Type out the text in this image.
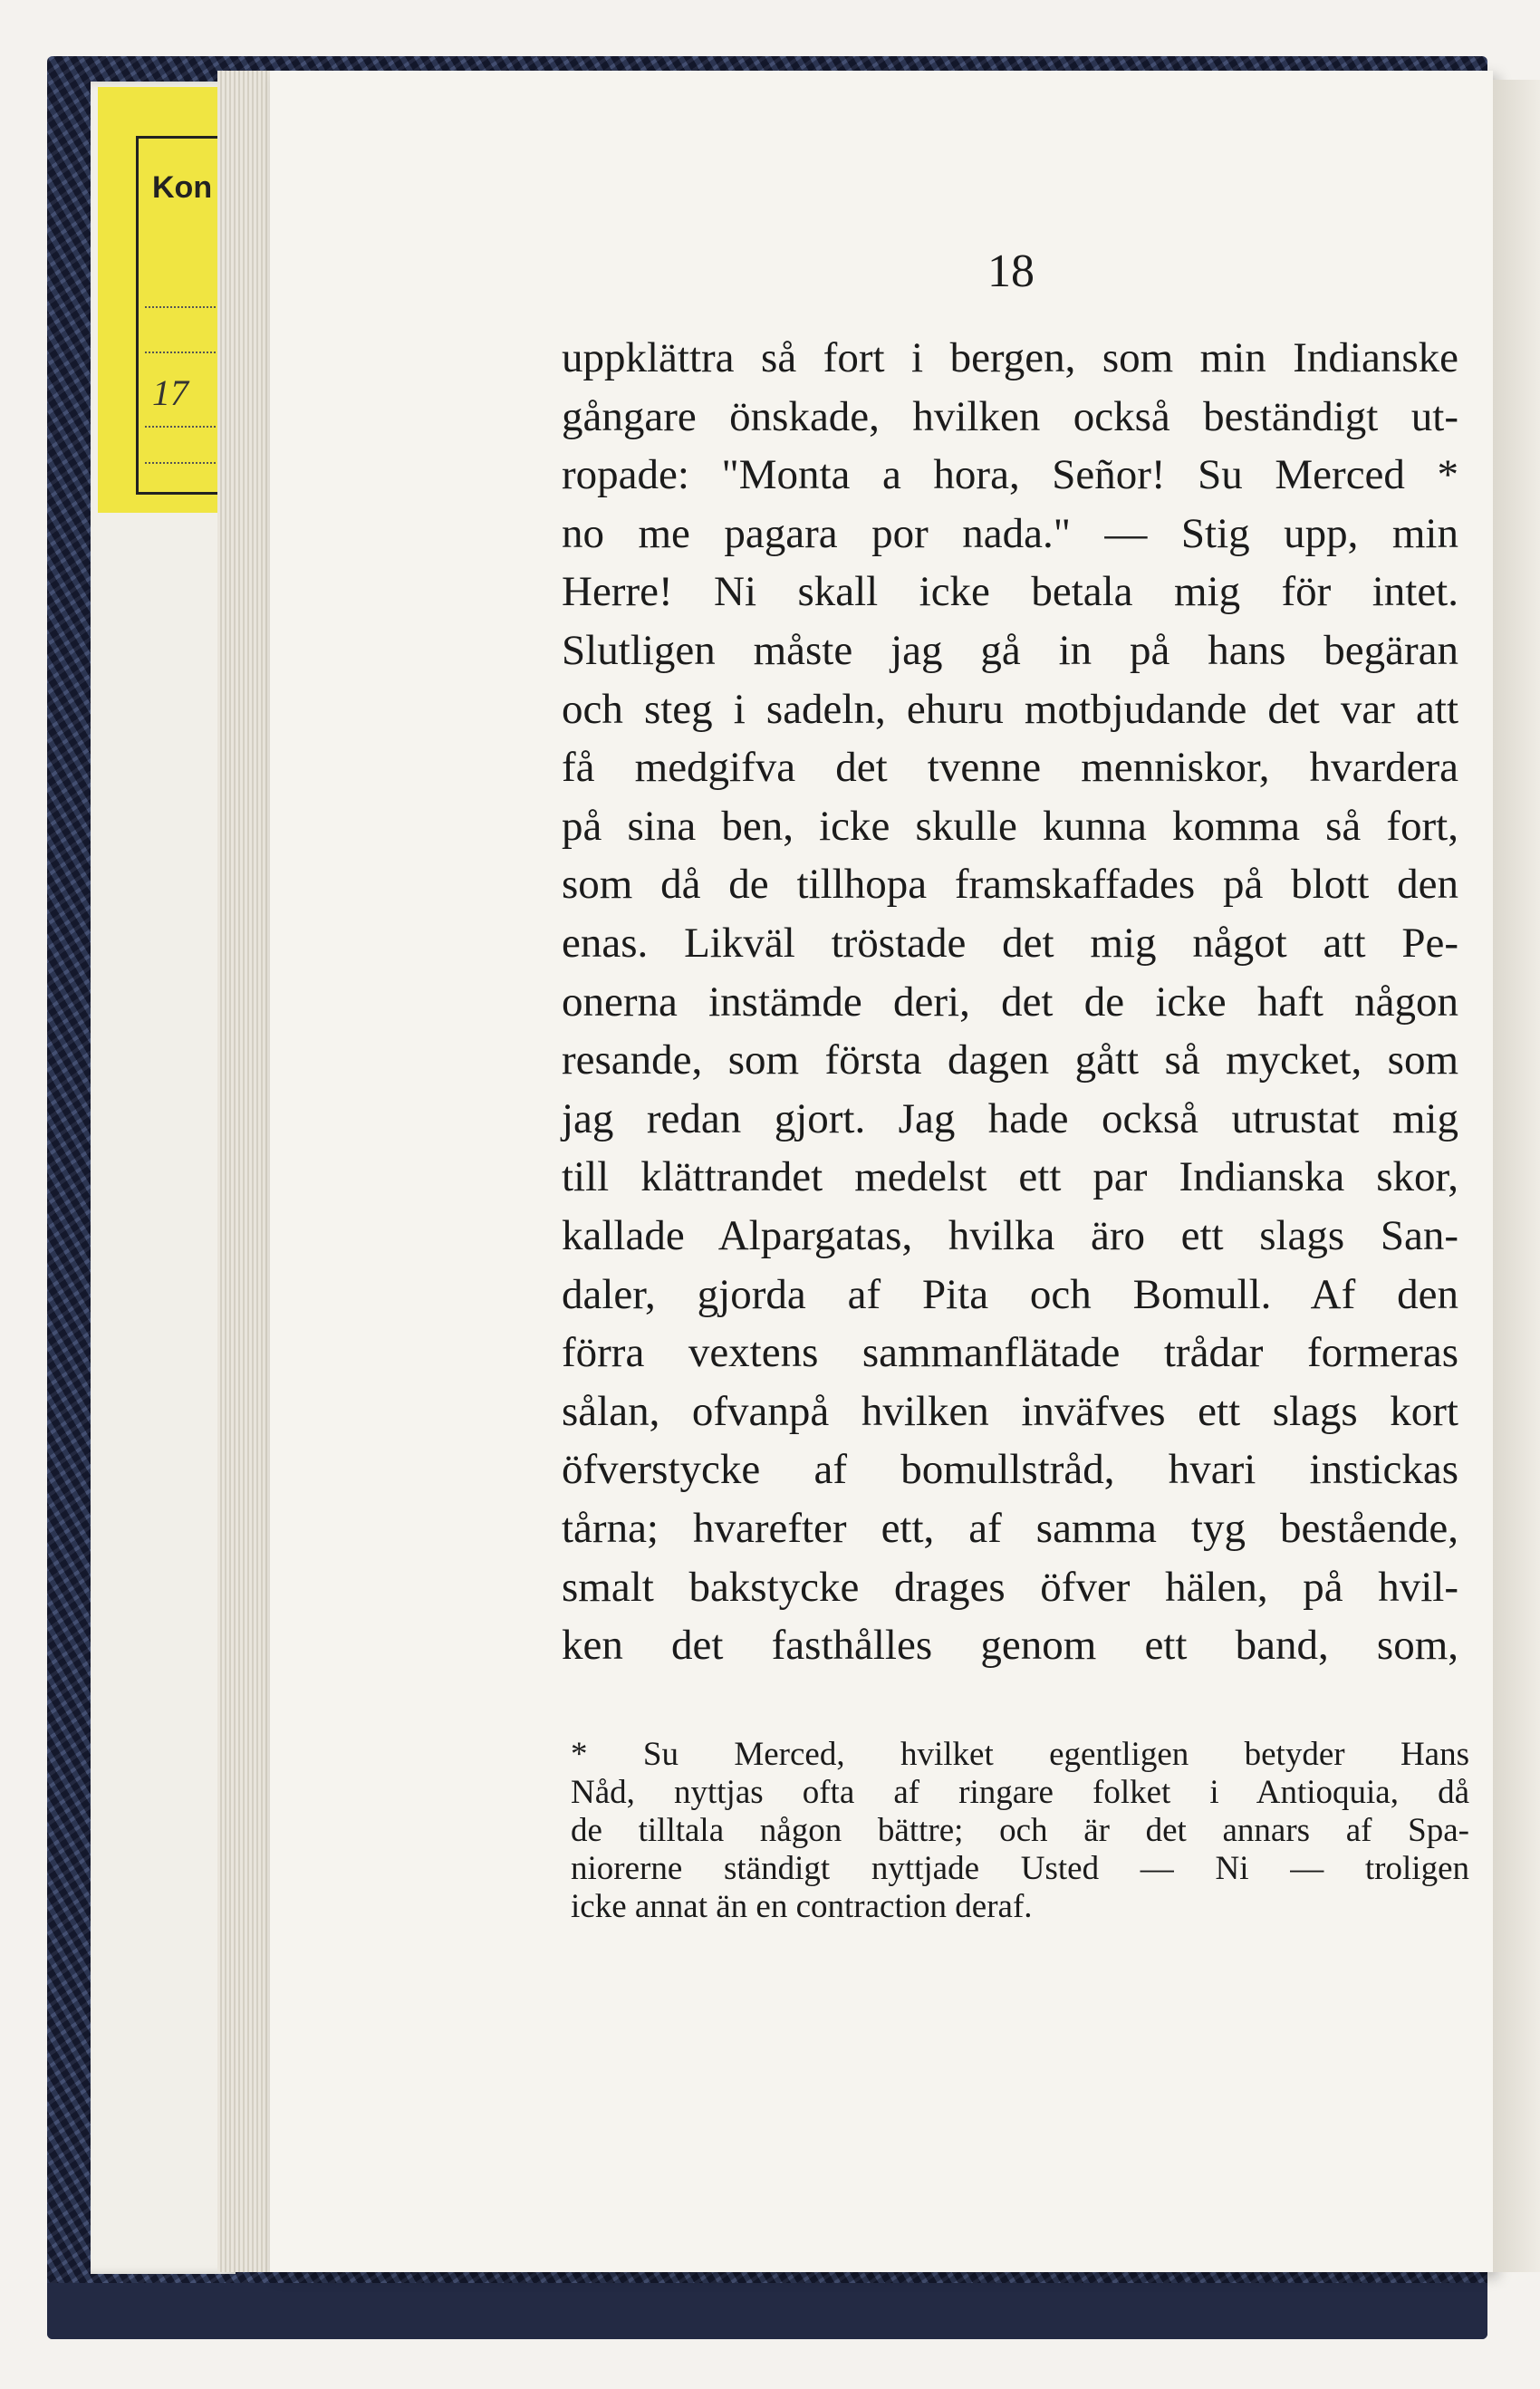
Kon
17
18
uppklättra så fort i bergen, som min Indianske
gångare önskade, hvilken också beständigt ut-
ropade: "Monta a hora, Señor! Su Merced *
no me pagara por nada." — Stig upp, min
Herre! Ni skall icke betala mig för intet.
Slutligen måste jag gå in på hans begäran
och steg i sadeln, ehuru motbjudande det var att
få medgifva det tvenne menniskor, hvardera
på sina ben, icke skulle kunna komma så fort,
som då de tillhopa framskaffades på blott den
enas. Likväl tröstade det mig något att Pe-
onerna instämde deri, det de icke haft någon
resande, som första dagen gått så mycket, som
jag redan gjort. Jag hade också utrustat mig
till klättrandet medelst ett par Indianska skor,
kallade Alpargatas, hvilka äro ett slags San-
daler, gjorda af Pita och Bomull. Af den
förra vextens sammanflätade trådar formeras
sålan, ofvanpå hvilken inväfves ett slags kort
öfverstycke af bomullstråd, hvari instickas
tårna; hvarefter ett, af samma tyg bestående,
smalt bakstycke drages öfver hälen, på hvil-
ken det fasthålles genom ett band, som,
* Su Merced, hvilket egentligen betyder Hans
Nåd, nyttjas ofta af ringare folket i Antioquia, då
de tilltala någon bättre; och är det annars af Spa-
niorerne ständigt nyttjade Usted — Ni — troligen
icke annat än en contraction deraf.
